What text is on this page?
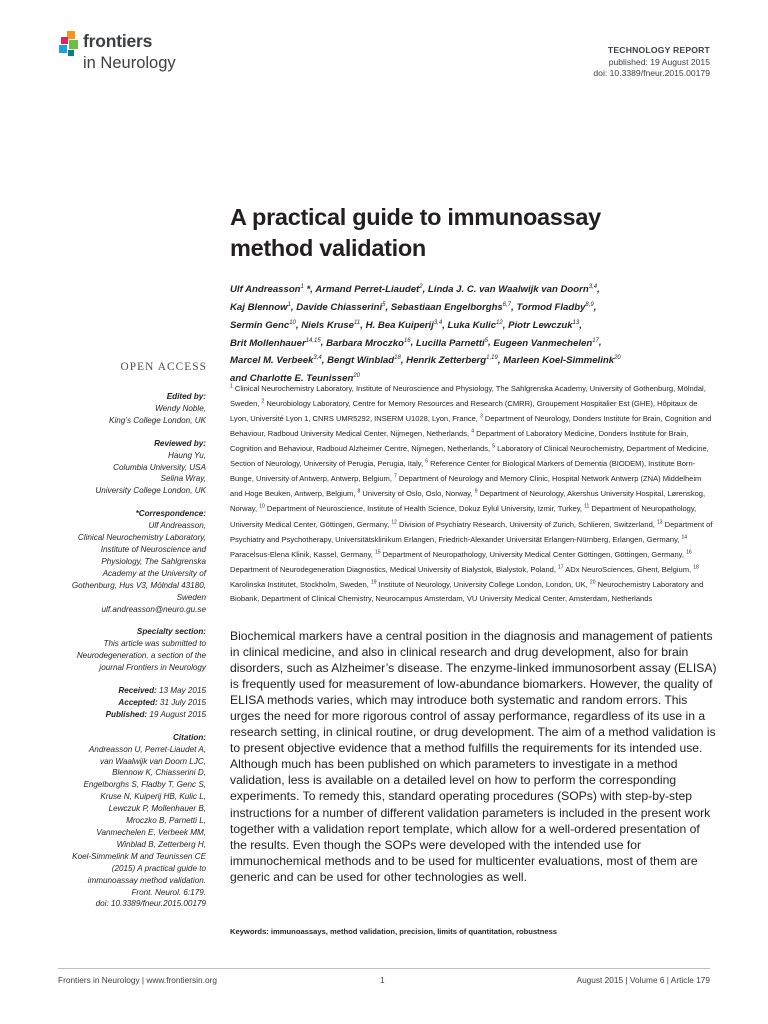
frontiers
in Neurology
TECHNOLOGY REPORT
published: 19 August 2015
doi: 10.3389/fneur.2015.00179
A practical guide to immunoassay
method validation
Ulf Andreasson$^1$ *, Armand Perret-Liaudet$^2$, Linda J. C. van Waalwijk van Doorn$^{3,4}$,
Kaj Blennow$^1$, Davide Chiasserini$^5$, Sebastiaan Engelborghs$^{6,7}$, Tormod Fladby$^{8,9}$,
Sermin Genc$^{10}$, Niels Kruse$^{11}$, H. Bea Kuiperij$^{3,4}$, Luka Kulic$^{12}$, Piotr Lewczuk$^{13}$,
Brit Mollenhauer$^{14,15}$, Barbara Mroczko$^{16}$, Lucilla Parnetti$^5$, Eugeen Vanmechelen$^{17}$,
Marcel M. Verbeek$^{3,4}$, Bengt Winblad$^{18}$, Henrik Zetterberg$^{1,19}$, Marleen Koel-Simmelink$^{20}$
and Charlotte E. Teunissen$^{20}$
$^1$ Clinical Neurochemistry Laboratory, Institute of Neuroscience and Physiology, The Sahlgrenska Academy, University of Gothenburg, Mölndal, Sweden, $^2$ Neurobiology Laboratory, Centre for Memory Resources and Research (CMRR), Groupement Hospitalier Est (GHE), Hôpitaux de Lyon, Université Lyon 1, CNRS UMR5292, INSERM U1028, Lyon, France, $^3$ Department of Neurology, Donders Institute for Brain, Cognition and Behaviour, Radboud University Medical Center, Nijmegen, Netherlands, $^4$ Department of Laboratory Medicine, Donders Institute for Brain, Cognition and Behaviour, Radboud Alzheimer Centre, Nijmegen, Netherlands, $^5$ Laboratory of Clinical Neurochemistry, Department of Medicine, Section of Neurology, University of Perugia, Perugia, Italy, $^6$ Reference Center for Biological Markers of Dementia (BIODEM), Institute Born-Bunge, University of Antwerp, Antwerp, Belgium, $^7$ Department of Neurology and Memory Clinic, Hospital Network Antwerp (ZNA) Middelheim and Hoge Beuken, Antwerp, Belgium, $^8$ University of Oslo, Oslo, Norway, $^9$ Department of Neurology, Akershus University Hospital, Lørenskog, Norway, $^{10}$ Department of Neuroscience, Institute of Health Science, Dokuz Eylul University, Izmir, Turkey, $^{11}$ Department of Neuropathology, University Medical Center, Göttingen, Germany, $^{12}$ Division of Psychiatry Research, University of Zurich, Schlieren, Switzerland, $^{13}$ Department of Psychiatry and Psychotherapy, Universitätsklinikum Erlangen, Friedrich-Alexander Universität Erlangen-Nürnberg, Erlangen, Germany, $^{14}$ Paracelsus-Elena Klinik, Kassel, Germany, $^{15}$ Department of Neuropathology, University Medical Center Göttingen, Göttingen, Germany, $^{16}$ Department of Neurodegeneration Diagnostics, Medical University of Bialystok, Bialystok, Poland, $^{17}$ ADx NeuroSciences, Ghent, Belgium, $^{18}$ Karolinska Institutet, Stockholm, Sweden, $^{19}$ Institute of Neurology, University College London, London, UK, $^{20}$ Neurochemistry Laboratory and Biobank, Department of Clinical Chemistry, Neurocampus Amsterdam, VU University Medical Center, Amsterdam, Netherlands
Biochemical markers have a central position in the diagnosis and management of patients in clinical medicine, and also in clinical research and drug development, also for brain disorders, such as Alzheimer’s disease. The enzyme-linked immunosorbent assay (ELISA) is frequently used for measurement of low-abundance biomarkers. However, the quality of ELISA methods varies, which may introduce both systematic and random errors. This urges the need for more rigorous control of assay performance, regardless of its use in a research setting, in clinical routine, or drug development. The aim of a method validation is to present objective evidence that a method fulfills the requirements for its intended use. Although much has been published on which parameters to investigate in a method validation, less is available on a detailed level on how to perform the corresponding experiments. To remedy this, standard operating procedures (SOPs) with step-by-step instructions for a number of different validation parameters is included in the present work together with a validation report template, which allow for a well-ordered presentation of the results. Even though the SOPs were developed with the intended use for immunochemical methods and to be used for multicenter evaluations, most of them are generic and can be used for other technologies as well.
Keywords: immunoassays, method validation, precision, limits of quantitation, robustness
OPEN ACCESS
Edited by:
Wendy Noble,
King’s College London, UK
Reviewed by:
Haung Yu,
Columbia University, USA
Selina Wray,
University College London, UK
*Correspondence:
Ulf Andreasson,
Clinical Neurochemistry Laboratory,
Institute of Neuroscience and
Physiology, The Sahlgrenska
Academy at the University of
Gothenburg, Hus V3, Mölndal 43180,
Sweden
ulf.andreasson@neuro.gu.se
Specialty section:
This article was submitted to
Neurodegeneration, a section of the
journal Frontiers in Neurology
Received: 13 May 2015
Accepted: 31 July 2015
Published: 19 August 2015
Citation:
Andreasson U, Perret-Liaudet A,
van Waalwijk van Doorn LJC,
Blennow K, Chiasserini D,
Engelborghs S, Fladby T, Genc S,
Kruse N, Kuiperij HB, Kulic L,
Lewczuk P, Mollenhauer B,
Mroczko B, Parnetti L,
Vanmechelen E, Verbeek MM,
Winblad B, Zetterberg H,
Koel-Simmelink M and Teunissen CE
(2015) A practical guide to
immunoassay method validation.
Front. Neurol. 6:179.
doi: 10.3389/fneur.2015.00179
Frontiers in Neurology | www.frontiersin.org	1	August 2015 | Volume 6 | Article 179
